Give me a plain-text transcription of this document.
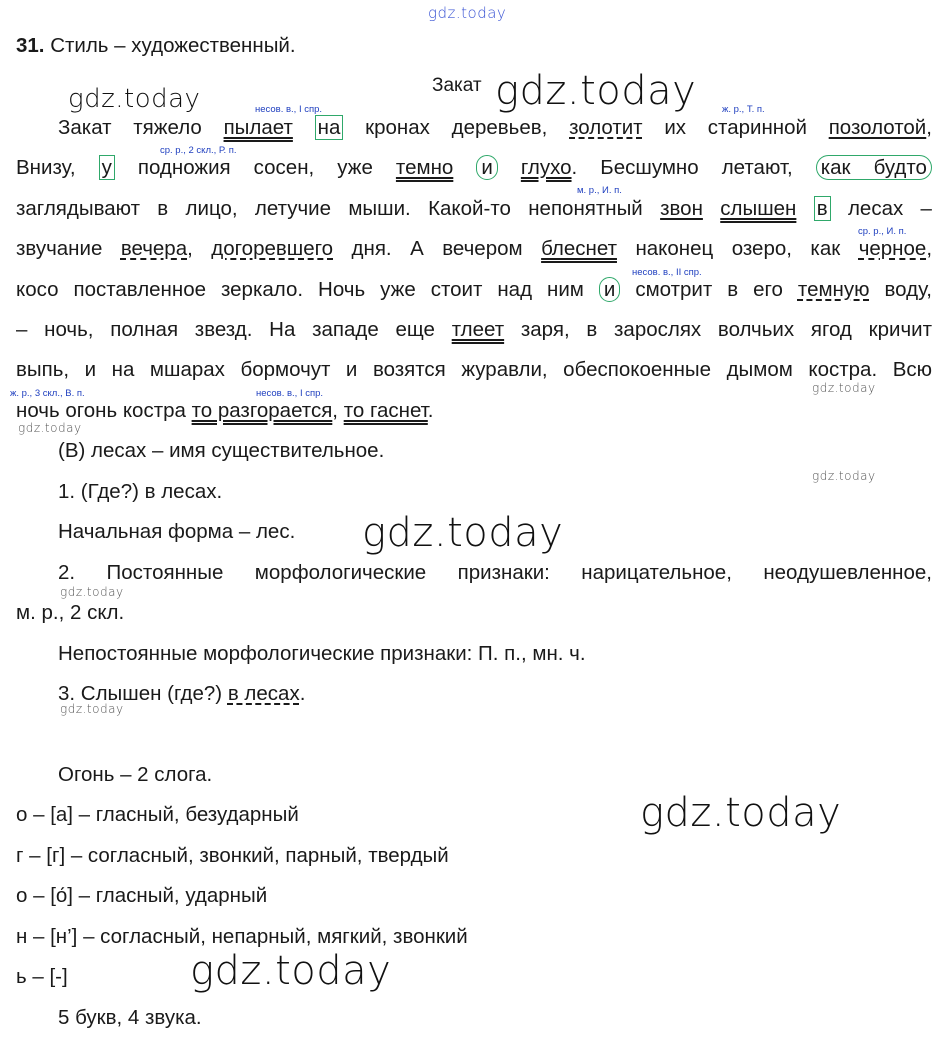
gdz.today
gdz.today	gdz.today
gdz.today
gdz.today
gdz.today
gdz.today
gdz.today
gdz.today
gdz.today
gdz.today
31. Стиль – художественный.
Закат
несов. в., I спр.	ж. р., Т. п.
ср. р., 2 скл., Р. п.
м. р., И. п.
ср. р., И. п.
несов. в., II спр.
ж. р., 3 скл., В. п.	несов. в., I спр.
Закат тяжело пылает на кронах деревьев, золотит их старинной позолотой,
Внизу, у подножия сосен, уже темно и глухо. Бесшумно летают, как будто
заглядывают в лицо, летучие мыши. Какой-то непонятный звон слышен в лесах –
звучание вечера, догоревшего дня. А вечером блеснет наконец озеро, как черное,
косо поставленное зеркало. Ночь уже стоит над ним и смотрит в его темную воду,
– ночь, полная звезд. На западе еще тлеет заря, в зарослях волчьих ягод кричит
выпь, и на мшарах бормочут и возятся журавли, обеспокоенные дымом костра. Всю
ночь огонь костра то разгорается, то гаснет.
(В) лесах – имя существительное.
1. (Где?) в лесах.
Начальная форма – лес.
2. Постоянные морфологические признаки: нарицательное, неодушевленное,
м. р., 2 скл.
Непостоянные морфологические признаки: П. п., мн. ч.
3. Слышен (где?) в лесах.
Огонь – 2 слога.
о – [а] – гласный, безударный
г – [г] – согласный, звонкий, парный, твердый
о – [о́] – гласный, ударный
н – [н’] – согласный, непарный, мягкий, звонкий
ь – [-]
5 букв, 4 звука.
